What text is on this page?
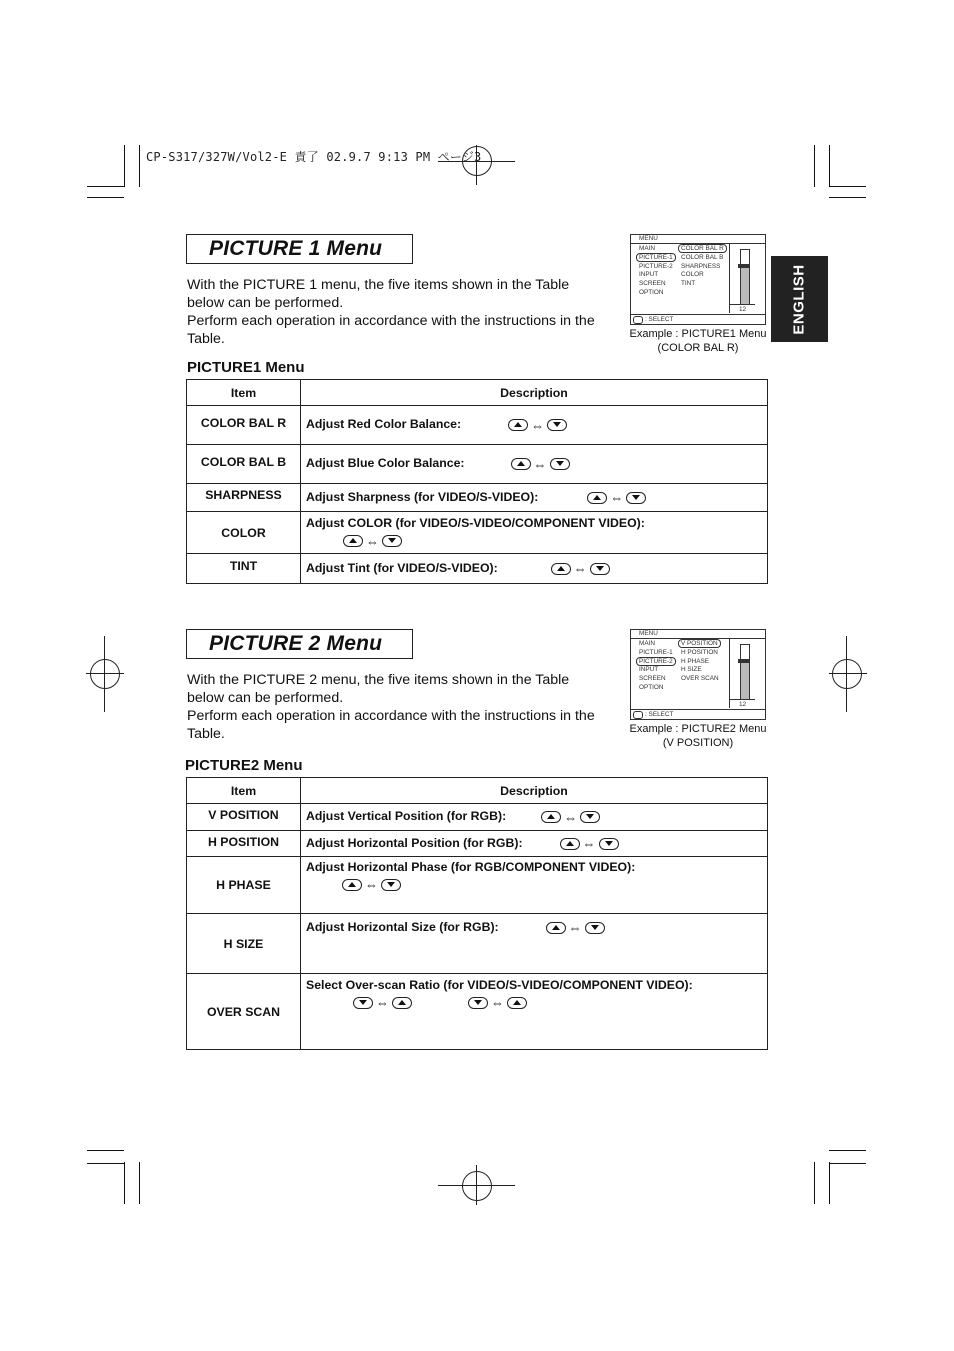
CP-S317/327W/Vol2-E 責了 02.9.7 9:13 PM ページ3
ENGLISH
PICTURE 1 Menu
With the PICTURE 1 menu, the five items shown in the Table
below can be performed.
Perform each operation in accordance with the instructions in the
Table.
MENU
MAIN
PICTURE-1
PICTURE-2
INPUT
SCREEN
OPTION
COLOR BAL R
COLOR BAL B
SHARPNESS
COLOR
TINT
12
: SELECT
Example : PICTURE1 Menu
(COLOR BAL R)
PICTURE1 Menu
Item	Description
COLOR BAL R	Adjust Red Color Balance: ⇔
COLOR BAL B	Adjust Blue Color Balance: ⇔
SHARPNESS	Adjust Sharpness (for VIDEO/S-VIDEO): ⇔
COLOR	Adjust COLOR (for VIDEO/S-VIDEO/COMPONENT VIDEO):
⇔
TINT	Adjust Tint (for VIDEO/S-VIDEO): ⇔
PICTURE 2 Menu
With the PICTURE 2 menu, the five items shown in the Table
below can be performed.
Perform each operation in accordance with the instructions in the
Table.
MENU
MAIN
PICTURE-1
PICTURE-2
INPUT
SCREEN
OPTION
V POSITION
H POSITION
H PHASE
H SIZE
OVER SCAN
12
: SELECT
Example : PICTURE2 Menu
(V POSITION)
PICTURE2 Menu
Item	Description
V POSITION	Adjust Vertical Position (for RGB): ⇔
H POSITION	Adjust Horizontal Position (for RGB): ⇔
H PHASE	Adjust Horizontal Phase (for RGB/COMPONENT VIDEO):
⇔
H SIZE	Adjust Horizontal Size (for RGB): ⇔
OVER SCAN	Select Over-scan Ratio (for VIDEO/S-VIDEO/COMPONENT VIDEO):
⇔ ⇔
